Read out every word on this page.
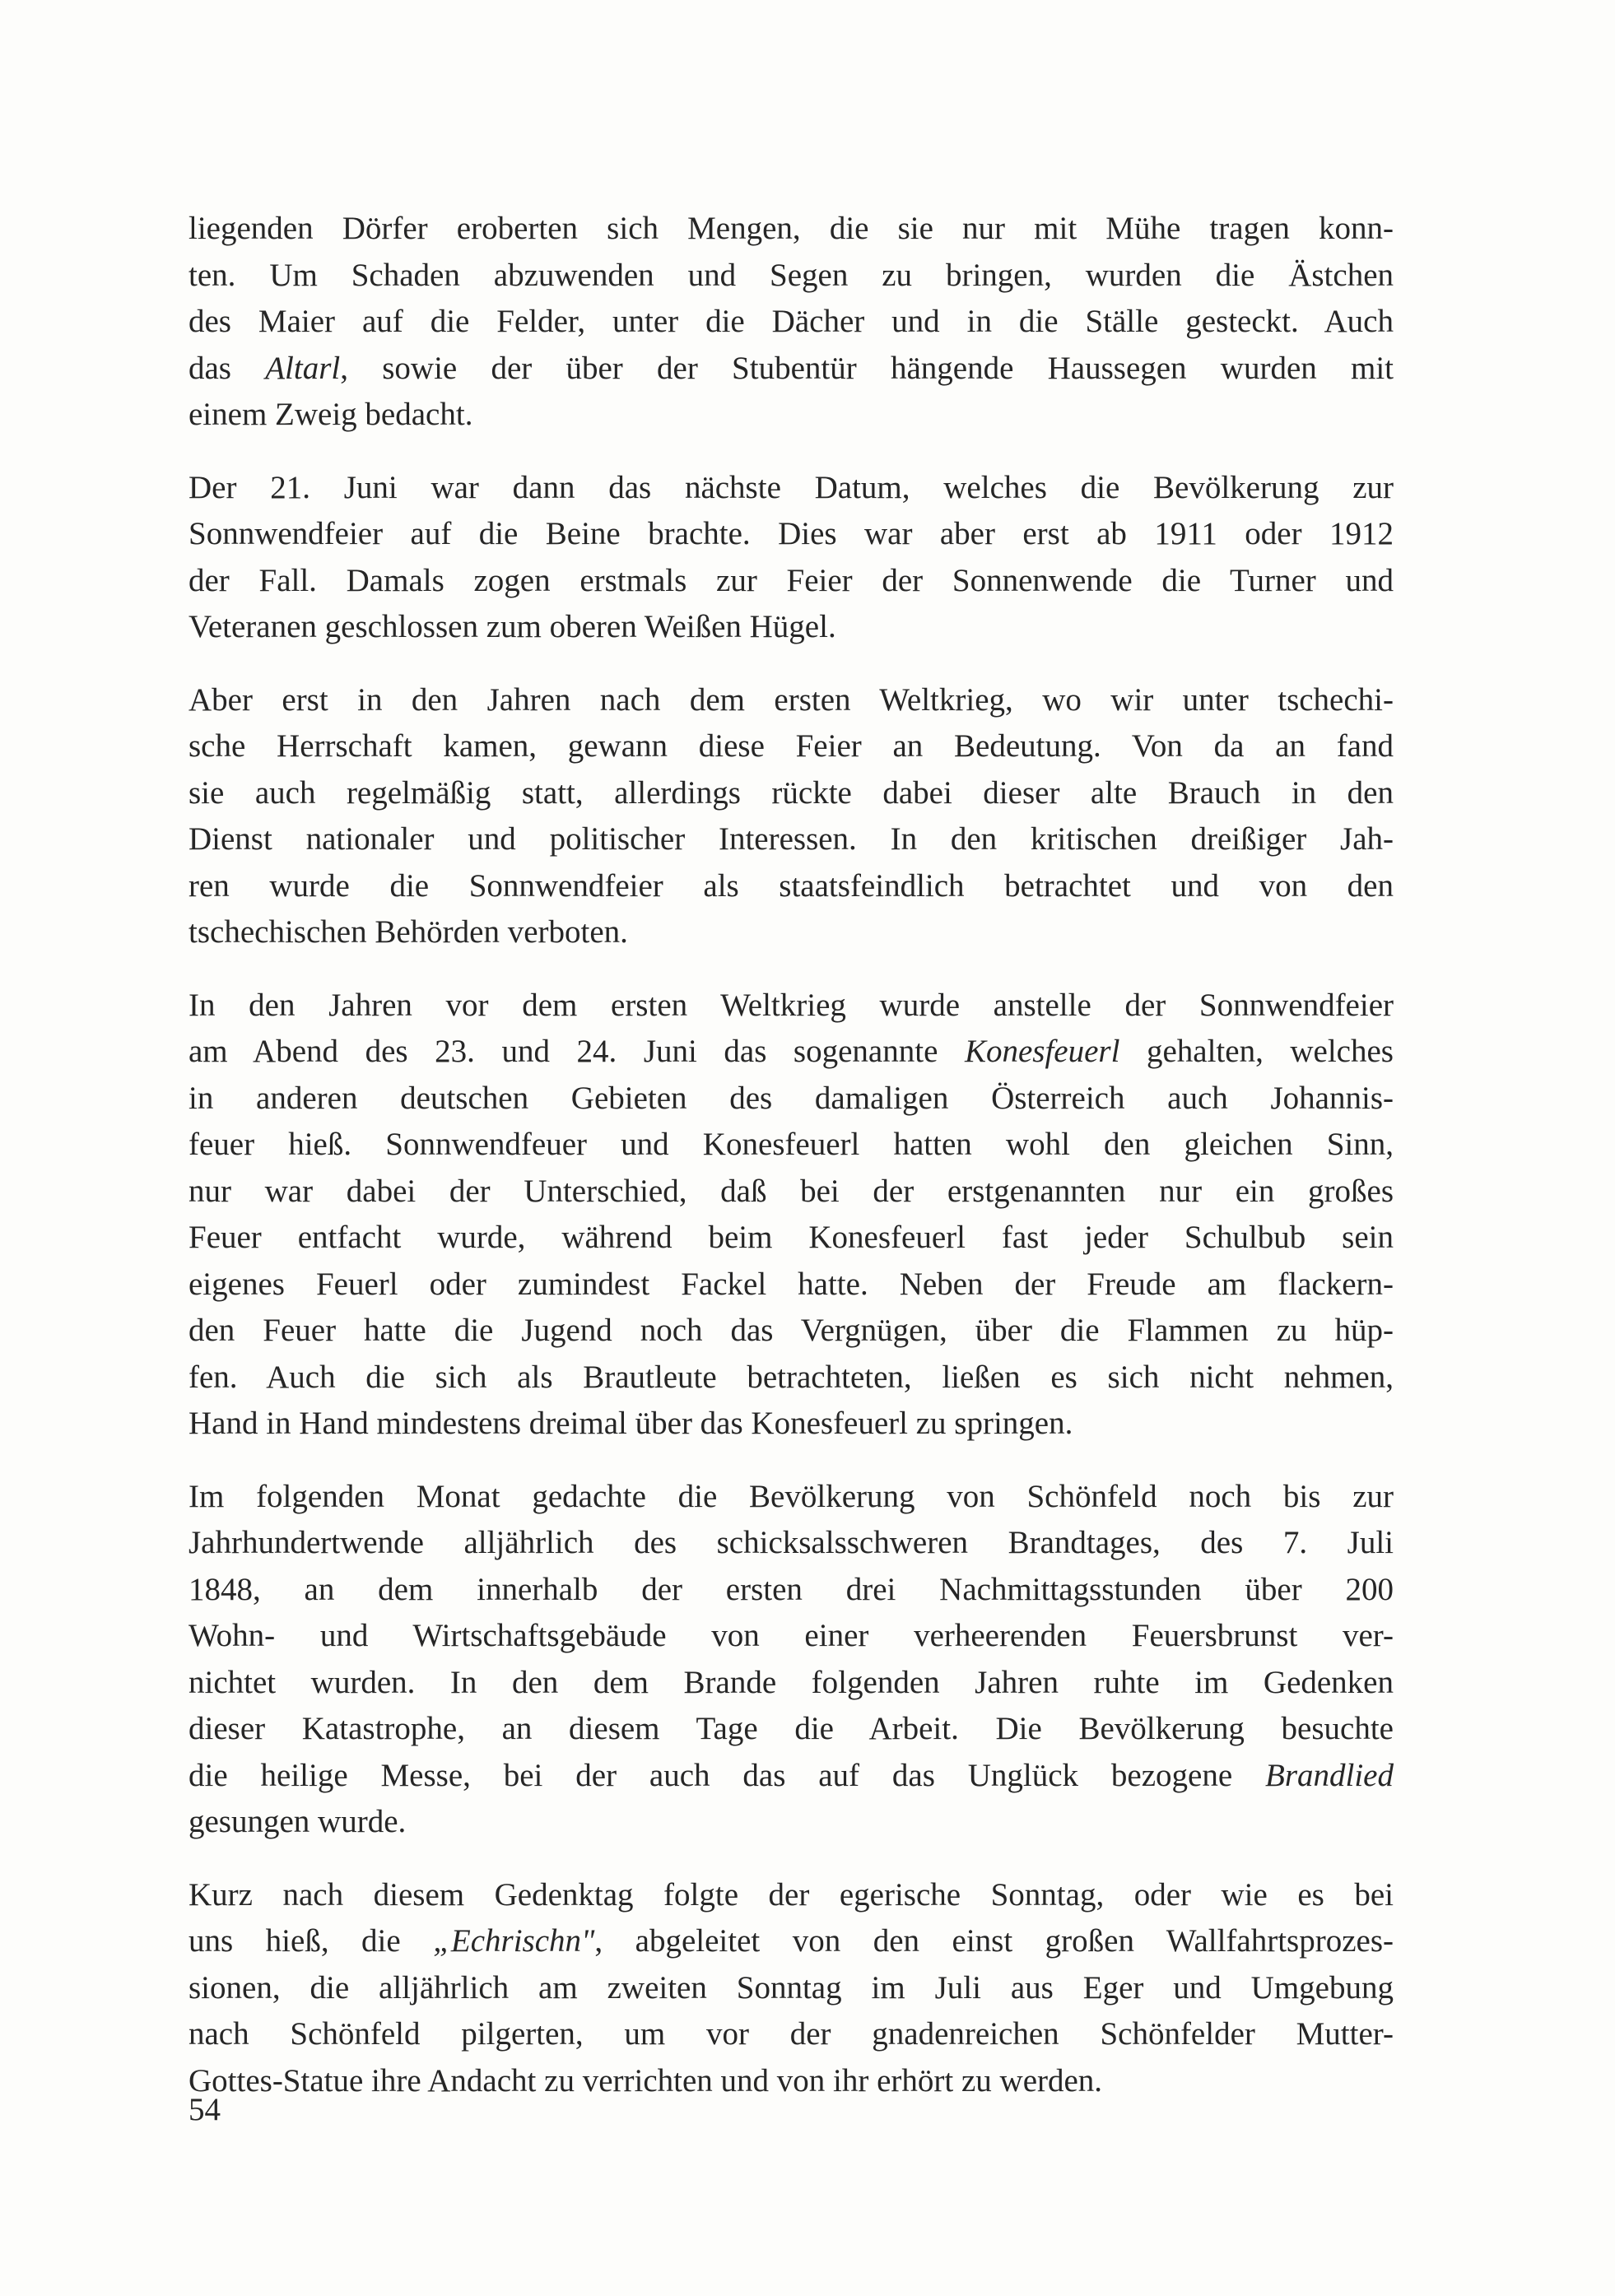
liegenden Dörfer eroberten sich Mengen, die sie nur mit Mühe tragen konn-
ten. Um Schaden abzuwenden und Segen zu bringen, wurden die Ästchen
des Maier auf die Felder, unter die Dächer und in die Ställe gesteckt. Auch
das Altarl, sowie der über der Stubentür hängende Haussegen wurden mit
einem Zweig bedacht.
Der 21. Juni war dann das nächste Datum, welches die Bevölkerung zur
Sonnwendfeier auf die Beine brachte. Dies war aber erst ab 1911 oder 1912
der Fall. Damals zogen erstmals zur Feier der Sonnenwende die Turner und
Veteranen geschlossen zum oberen Weißen Hügel.
Aber erst in den Jahren nach dem ersten Weltkrieg, wo wir unter tschechi-
sche Herrschaft kamen, gewann diese Feier an Bedeutung. Von da an fand
sie auch regelmäßig statt, allerdings rückte dabei dieser alte Brauch in den
Dienst nationaler und politischer Interessen. In den kritischen dreißiger Jah-
ren wurde die Sonnwendfeier als staatsfeindlich betrachtet und von den
tschechischen Behörden verboten.
In den Jahren vor dem ersten Weltkrieg wurde anstelle der Sonnwendfeier
am Abend des 23. und 24. Juni das sogenannte Konesfeuerl gehalten, welches
in anderen deutschen Gebieten des damaligen Österreich auch Johannis-
feuer hieß. Sonnwendfeuer und Konesfeuerl hatten wohl den gleichen Sinn,
nur war dabei der Unterschied, daß bei der erstgenannten nur ein großes
Feuer entfacht wurde, während beim Konesfeuerl fast jeder Schulbub sein
eigenes Feuerl oder zumindest Fackel hatte. Neben der Freude am flackern-
den Feuer hatte die Jugend noch das Vergnügen, über die Flammen zu hüp-
fen. Auch die sich als Brautleute betrachteten, ließen es sich nicht nehmen,
Hand in Hand mindestens dreimal über das Konesfeuerl zu springen.
Im folgenden Monat gedachte die Bevölkerung von Schönfeld noch bis zur
Jahrhundertwende alljährlich des schicksalsschweren Brandtages, des 7. Juli
1848, an dem innerhalb der ersten drei Nachmittagsstunden über 200
Wohn- und Wirtschaftsgebäude von einer verheerenden Feuersbrunst ver-
nichtet wurden. In den dem Brande folgenden Jahren ruhte im Gedenken
dieser Katastrophe, an diesem Tage die Arbeit. Die Bevölkerung besuchte
die heilige Messe, bei der auch das auf das Unglück bezogene Brandlied
gesungen wurde.
Kurz nach diesem Gedenktag folgte der egerische Sonntag, oder wie es bei
uns hieß, die „Echrischn", abgeleitet von den einst großen Wallfahrtsprozes-
sionen, die alljährlich am zweiten Sonntag im Juli aus Eger und Umgebung
nach Schönfeld pilgerten, um vor der gnadenreichen Schönfelder Mutter-
Gottes-Statue ihre Andacht zu verrichten und von ihr erhört zu werden.
54
